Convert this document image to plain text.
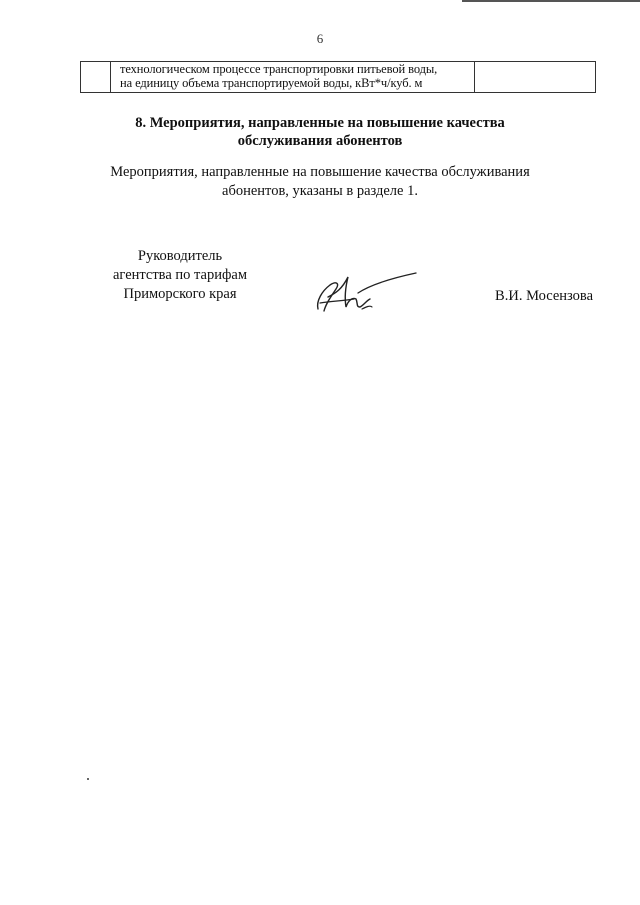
6
технологическом процессе транспортировки питьевой воды,
на единицу объема транспортируемой воды, кВт*ч/куб. м
8. Мероприятия, направленные на повышение качества
обслуживания абонентов
Мероприятия, направленные на повышение качества обслуживания
абонентов, указаны в разделе 1.
Руководитель
агентства по тарифам
Приморского края	В.И. Мосензова
